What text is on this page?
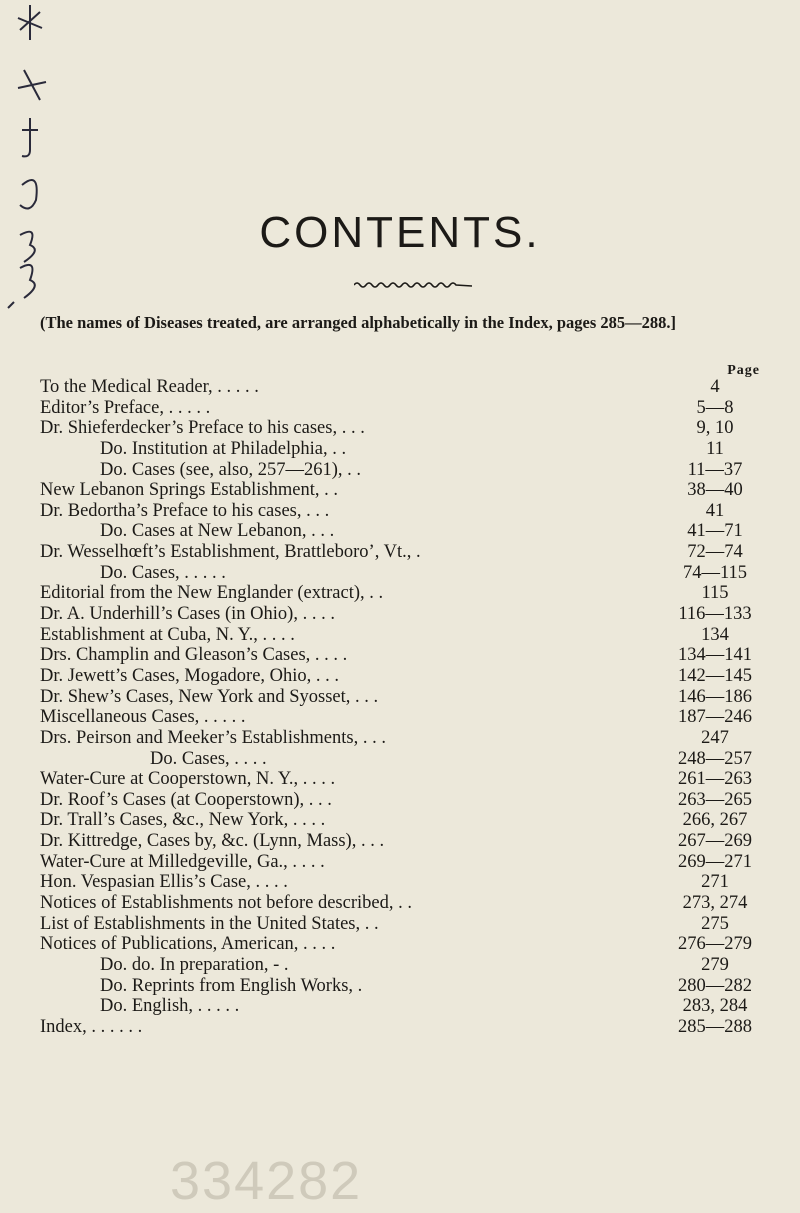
CONTENTS.
(The names of Diseases treated, are arranged alphabetically in the Index, pages 285—288.]
Page
To the Medical Reader, . . . . .	4
Editor’s Preface, . . . . .	5—8
Dr. Shieferdecker’s Preface to his cases, . . .	9, 10
Do. Institution at Philadelphia, . .	11
Do. Cases (see, also, 257—261), . .	11—37
New Lebanon Springs Establishment, . .	38—40
Dr. Bedortha’s Preface to his cases, . . .	41
Do. Cases at New Lebanon, . . .	41—71
Dr. Wesselhœft’s Establishment, Brattleboro’, Vt., .	72—74
Do. Cases, . . . . .	74—115
Editorial from the New Englander (extract), . .	115
Dr. A. Underhill’s Cases (in Ohio), . . . .	116—133
Establishment at Cuba, N. Y., . . . .	134
Drs. Champlin and Gleason’s Cases, . . . .	134—141
Dr. Jewett’s Cases, Mogadore, Ohio, . . .	142—145
Dr. Shew’s Cases, New York and Syosset, . . .	146—186
Miscellaneous Cases, . . . . .	187—246
Drs. Peirson and Meeker’s Establishments, . . .	247
Do. Cases, . . . .	248—257
Water-Cure at Cooperstown, N. Y., . . . .	261—263
Dr. Roof’s Cases (at Cooperstown), . . .	263—265
Dr. Trall’s Cases, &c., New York, . . . .	266, 267
Dr. Kittredge, Cases by, &c. (Lynn, Mass), . . .	267—269
Water-Cure at Milledgeville, Ga., . . . .	269—271
Hon. Vespasian Ellis’s Case, . . . .	271
Notices of Establishments not before described, . .	273, 274
List of Establishments in the United States, . .	275
Notices of Publications, American, . . . .	276—279
Do. do. In preparation, - .	279
Do. Reprints from English Works, .	280—282
Do. English, . . . . .	283, 284
Index, . . . . . .	285—288
334282
